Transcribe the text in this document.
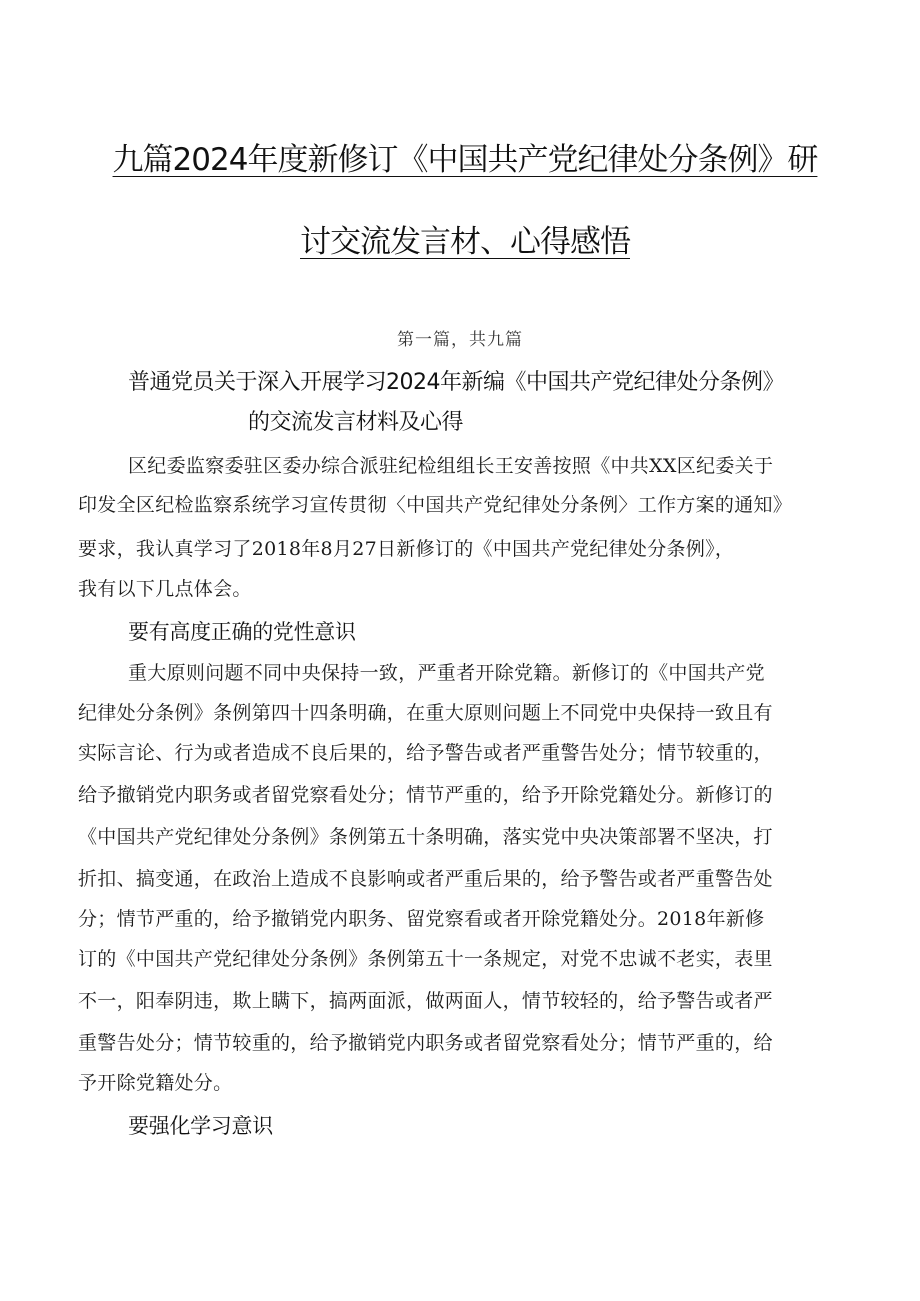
九篇2024年度新修订《中国共产党纪律处分条例》研
讨交流发言材、心得感悟
第一篇，共九篇
普通党员关于深入开展学习2024年新编《中国共产党纪律处分条例》
的交流发言材料及心得
区纪委监察委驻区委办综合派驻纪检组组长王安善按照《中共XX区纪委关于
印发全区纪检监察系统学习宣传贯彻〈中国共产党纪律处分条例〉工作方案的通知》
要求，我认真学习了2018年8月27日新修订的《中国共产党纪律处分条例》，
我有以下几点体会。
要有高度正确的党性意识
重大原则问题不同中央保持一致，严重者开除党籍。新修订的《中国共产党
纪律处分条例》条例第四十四条明确，在重大原则问题上不同党中央保持一致且有
实际言论、行为或者造成不良后果的，给予警告或者严重警告处分；情节较重的，
给予撤销党内职务或者留党察看处分；情节严重的，给予开除党籍处分。新修订的
《中国共产党纪律处分条例》条例第五十条明确，落实党中央决策部署不坚决，打
折扣、搞变通，在政治上造成不良影响或者严重后果的，给予警告或者严重警告处
分；情节严重的，给予撤销党内职务、留党察看或者开除党籍处分。2018年新修
订的《中国共产党纪律处分条例》条例第五十一条规定，对党不忠诚不老实，表里
不一，阳奉阴违，欺上瞒下，搞两面派，做两面人，情节较轻的，给予警告或者严
重警告处分；情节较重的，给予撤销党内职务或者留党察看处分；情节严重的，给
予开除党籍处分。
要强化学习意识
